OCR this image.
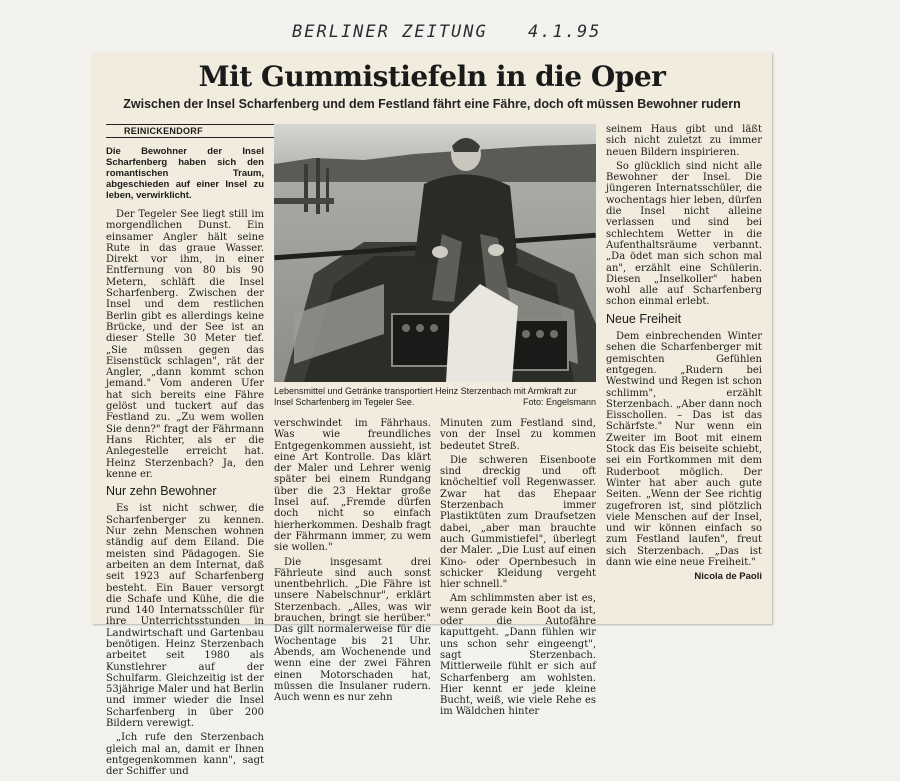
BERLINER ZEITUNG 4.1.95
Mit Gummistiefeln in die Oper
Zwischen der Insel Scharfenberg und dem Festland fährt eine Fähre, doch oft müssen Bewohner rudern
REINICKENDORF

Die Bewohner der Insel Scharfenberg haben sich den romantischen Traum, abgeschieden auf einer Insel zu leben, verwirklicht.

Der Tegeler See liegt still im morgendlichen Dunst. Ein einsamer Angler hält seine Rute in das graue Wasser. Direkt vor ihm, in einer Entfernung von 80 bis 90 Metern, schläft die Insel Scharfenberg. Zwischen der Insel und dem restlichen Berlin gibt es allerdings keine Brücke, und der See ist an dieser Stelle 30 Meter tief. „Sie müssen gegen das Eisenstück schlagen", rät der Angler, „dann kommt schon jemand." Vom anderen Ufer hat sich bereits eine Fähre gelöst und tuckert auf das Festland zu. „Zu wem wollen Sie denn?" fragt der Fährmann Hans Richter, als er die Anlegestelle erreicht hat. Heinz Sterzenbach? Ja, den kenne er.

Nur zehn Bewohner

Es ist nicht schwer, die Scharfenberger zu kennen. Nur zehn Menschen wohnen ständig auf dem Eiland. Die meisten sind Pädagogen. Sie arbeiten an dem Internat, daß seit 1923 auf Scharfenberg besteht. Ein Bauer versorgt die Schafe und Kühe, die die rund 140 Internatsschüler für ihre Unterrichtsstunden in Landwirtschaft und Gartenbau benötigen. Heinz Sterzenbach arbeitet seit 1980 als Kunstlehrer auf der Schulfarm. Gleichzeitig ist der 53jährige Maler und hat Berlin und immer wieder die Insel Scharfenberg in über 200 Bildern verewigt.

„Ich rufe den Sterzenbach gleich mal an, damit er Ihnen entgegenkommen kann", sagt der Schiffer und

Lebensmittel und Getränke transportiert Heinz Sterzenbach mit Armkraft zur Insel Scharfenberg im Tegeler See.	Foto: Engelsmann

verschwindet im Fährhaus. Was wie freundliches Entgegenkommen aussieht, ist eine Art Kontrolle. Das klärt der Maler und Lehrer wenig später bei einem Rundgang über die 23 Hektar große Insel auf. „Fremde dürfen doch nicht so einfach hierherkommen. Deshalb fragt der Fährmann immer, zu wem sie wollen."

Die insgesamt drei Fährleute sind auch sonst unentbehrlich. „Die Fähre ist unsere Nabelschnur", erklärt Sterzenbach. „Alles, was wir brauchen, bringt sie herüber." Das gilt normalerweise für die Wochentage bis 21 Uhr. Abends, am Wochenende und wenn eine der zwei Fähren einen Motorschaden hat, müssen die Insulaner rudern. Auch wenn es nur zehn

Minuten zum Festland sind, von der Insel zu kommen bedeutet Streß.

Die schweren Eisenboote sind dreckig und oft knöcheltief voll Regenwasser. Zwar hat das Ehepaar Sterzenbach immer Plastiktüten zum Draufsetzen dabei, „aber man brauchte auch Gummistiefel", überlegt der Maler. „Die Lust auf einen Kino- oder Opernbesuch in schicker Kleidung vergeht hier schnell."

Am schlimmsten aber ist es, wenn gerade kein Boot da ist, oder die Autofähre kaputtgeht. „Dann fühlen wir uns schon sehr eingeengt", sagt Sterzenbach. Mittlerweile fühlt er sich auf Scharfenberg am wohlsten. Hier kennt er jede kleine Bucht, weiß, wie viele Rehe es im Wäldchen hinter

seinem Haus gibt und läßt sich nicht zuletzt zu immer neuen Bildern inspirieren.

So glücklich sind nicht alle Bewohner der Insel. Die jüngeren Internatsschüler, die wochentags hier leben, dürfen die Insel nicht alleine verlassen und sind bei schlechtem Wetter in die Aufenthaltsräume verbannt. „Da ödet man sich schon mal an", erzählt eine Schülerin. Diesen „Inselkoller" haben wohl alle auf Scharfenberg schon einmal erlebt.

Neue Freiheit

Dem einbrechenden Winter sehen die Scharfenberger mit gemischten Gefühlen entgegen. „Rudern bei Westwind und Regen ist schon schlimm", erzählt Sterzenbach. „Aber dann noch Eisschollen. – Das ist das Schärfste." Nur wenn ein Zweiter im Boot mit einem Stock das Eis beiseite schiebt, sei ein Fortkommen mit dem Ruderboot möglich. Der Winter hat aber auch gute Seiten. „Wenn der See richtig zugefroren ist, sind plötzlich viele Menschen auf der Insel, und wir können einfach so zum Festland laufen", freut sich Sterzenbach. „Das ist dann wie eine neue Freiheit."

Nicola de Paoli
